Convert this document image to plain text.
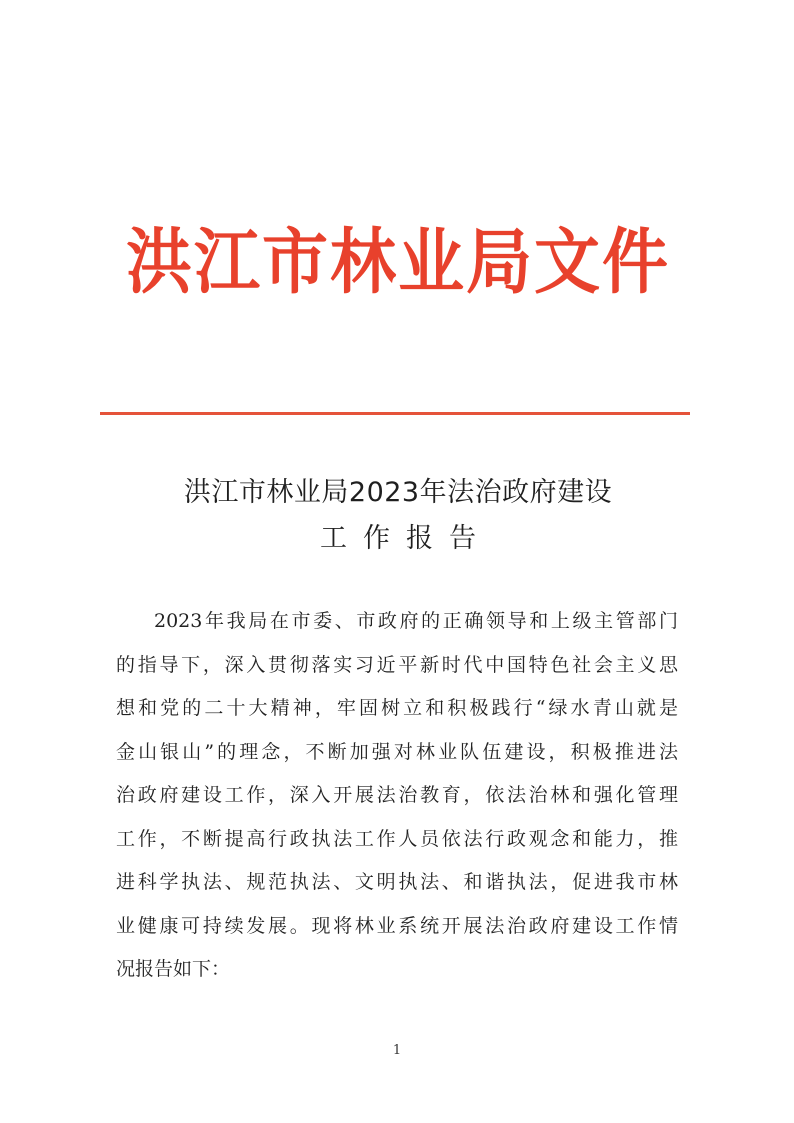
洪江市林业局文件
洪江市林业局2023年法治政府建设
工作报告
2023年我局在市委、市政府的正确领导和上级主管部门
的指导下，深入贯彻落实习近平新时代中国特色社会主义思
想和党的二十大精神，牢固树立和积极践行“绿水青山就是
金山银山”的理念，不断加强对林业队伍建设，积极推进法
治政府建设工作，深入开展法治教育，依法治林和强化管理
工作，不断提高行政执法工作人员依法行政观念和能力，推
进科学执法、规范执法、文明执法、和谐执法，促进我市林
业健康可持续发展。现将林业系统开展法治政府建设工作情
况报告如下：
1
